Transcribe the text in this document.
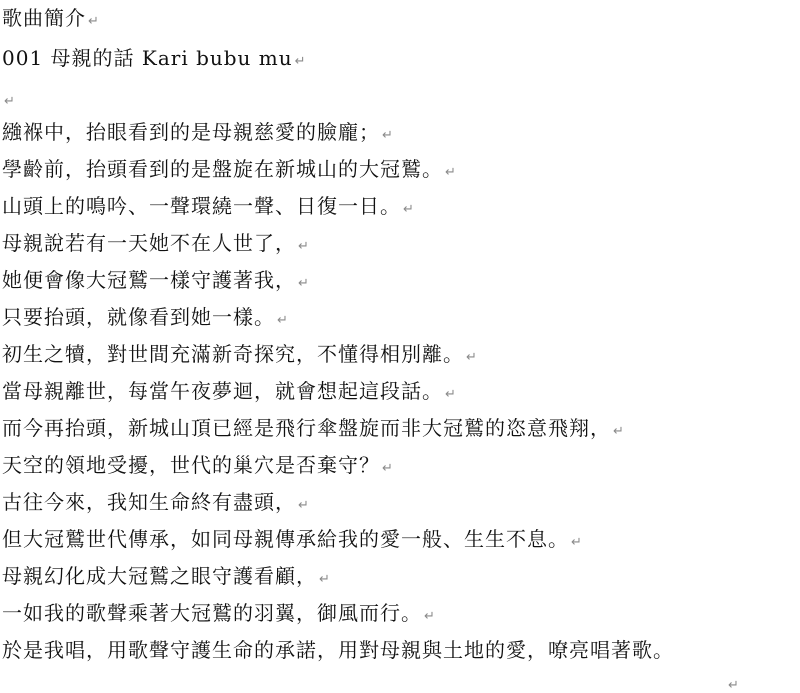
歌曲簡介 ↵
001 母親的話 Kari bubu mu ↵
↵
繈褓中，抬眼看到的是母親慈愛的臉龐； ↵
學齡前，抬頭看到的是盤旋在新城山的大冠鷲。 ↵
山頭上的鳴吟、一聲環繞一聲、日復一日。 ↵
母親說若有一天她不在人世了， ↵
她便會像大冠鷲一樣守護著我， ↵
只要抬頭，就像看到她一樣。 ↵
初生之犢，對世間充滿新奇探究，不懂得相別離。 ↵
當母親離世，每當午夜夢迴，就會想起這段話。 ↵
而今再抬頭，新城山頂已經是飛行傘盤旋而非大冠鷲的恣意飛翔， ↵
天空的領地受擾，世代的巢穴是否棄守？ ↵
古往今來，我知生命終有盡頭， ↵
但大冠鷲世代傳承，如同母親傳承給我的愛一般、生生不息。 ↵
母親幻化成大冠鷲之眼守護看顧， ↵
一如我的歌聲乘著大冠鷲的羽翼，御風而行。 ↵
於是我唱，用歌聲守護生命的承諾，用對母親與土地的愛，嘹亮唱著歌。
↵
